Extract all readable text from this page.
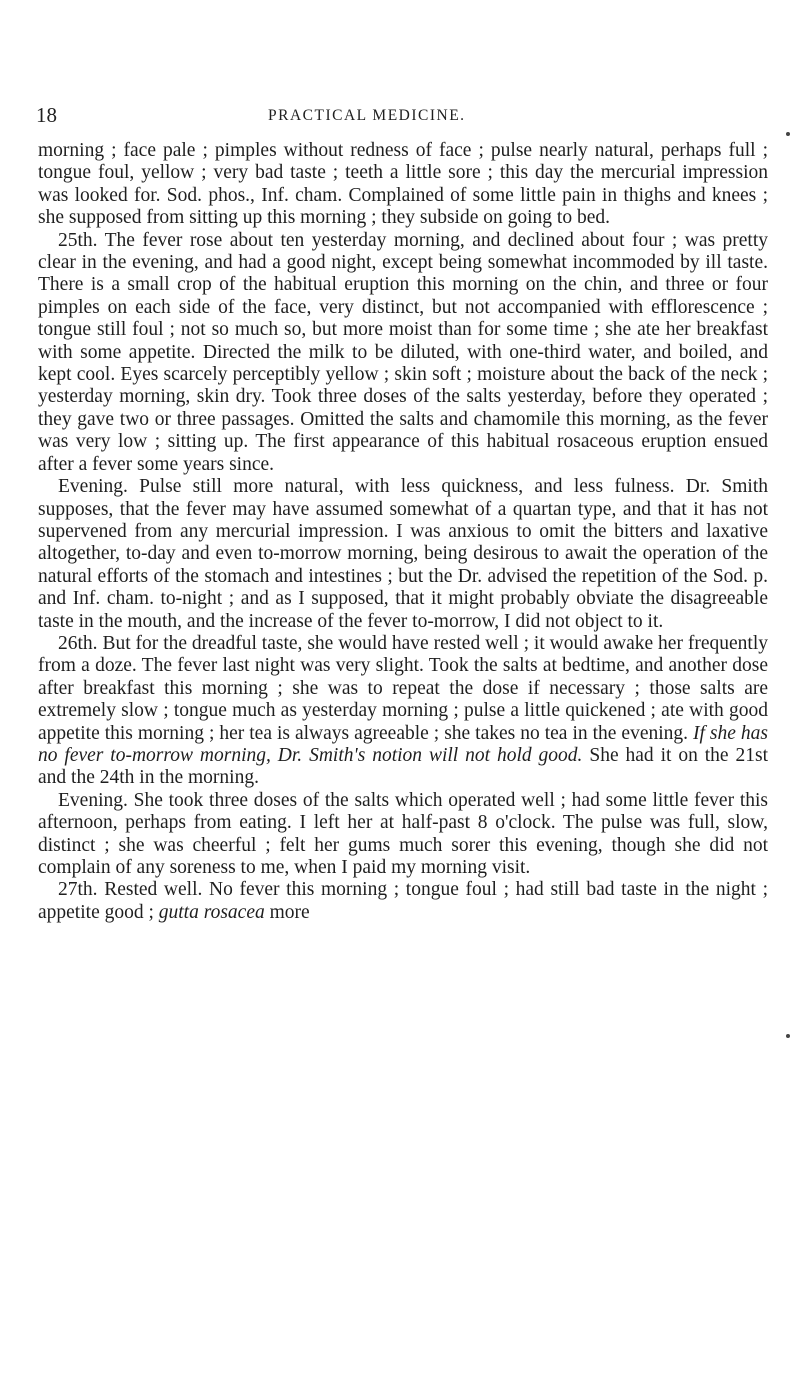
18	PRACTICAL MEDICINE.

morning ; face pale ; pimples without redness of face ; pulse nearly natural, perhaps full ; tongue foul, yellow ; very bad taste ; teeth a little sore ; this day the mercurial impression was looked for. Sod. phos., Inf. cham. Complained of some little pain in thighs and knees ; she supposed from sitting up this morning ; they subside on going to bed.

25th. The fever rose about ten yesterday morning, and declined about four ; was pretty clear in the evening, and had a good night, except being somewhat incommoded by ill taste. There is a small crop of the habitual eruption this morning on the chin, and three or four pimples on each side of the face, very distinct, but not accompanied with efflorescence ; tongue still foul ; not so much so, but more moist than for some time ; she ate her breakfast with some appetite. Directed the milk to be diluted, with one-third water, and boiled, and kept cool. Eyes scarcely perceptibly yellow ; skin soft ; moisture about the back of the neck ; yesterday morning, skin dry. Took three doses of the salts yesterday, before they operated ; they gave two or three passages. Omitted the salts and chamomile this morning, as the fever was very low ; sitting up. The first appearance of this habitual rosaceous eruption ensued after a fever some years since.

Evening. Pulse still more natural, with less quickness, and less fulness. Dr. Smith supposes, that the fever may have assumed somewhat of a quartan type, and that it has not supervened from any mercurial impression. I was anxious to omit the bitters and laxative altogether, to-day and even to-morrow morning, being desirous to await the operation of the natural efforts of the stomach and intestines ; but the Dr. advised the repetition of the Sod. p. and Inf. cham. to-night ; and as I supposed, that it might probably obviate the disagreeable taste in the mouth, and the increase of the fever to-morrow, I did not object to it.

26th. But for the dreadful taste, she would have rested well ; it would awake her frequently from a doze. The fever last night was very slight. Took the salts at bedtime, and another dose after breakfast this morning ; she was to repeat the dose if necessary ; those salts are extremely slow ; tongue much as yesterday morning ; pulse a little quickened ; ate with good appetite this morning ; her tea is always agreeable ; she takes no tea in the evening. If she has no fever to-morrow morning, Dr. Smith's notion will not hold good. She had it on the 21st and the 24th in the morning.

Evening. She took three doses of the salts which operated well ; had some little fever this afternoon, perhaps from eating. I left her at half-past 8 o'clock. The pulse was full, slow, distinct ; she was cheerful ; felt her gums much sorer this evening, though she did not complain of any soreness to me, when I paid my morning visit.

27th. Rested well. No fever this morning ; tongue foul ; had still bad taste in the night ; appetite good ; gutta rosacea more
